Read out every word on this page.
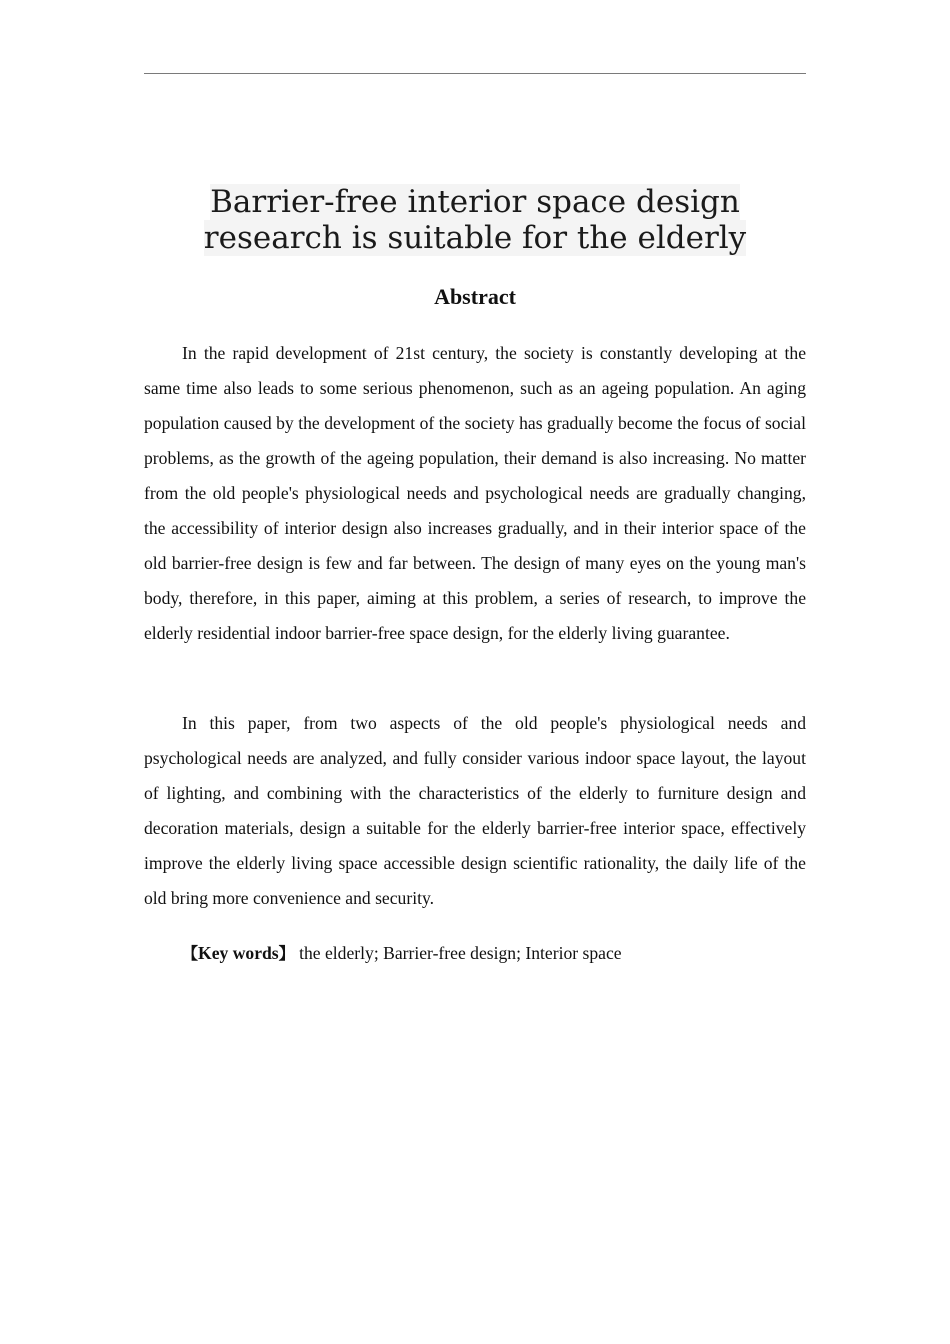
Barrier-free interior space design research is suitable for the elderly
Abstract

In the rapid development of 21st century, the society is constantly developing at the same time also leads to some serious phenomenon, such as an ageing population. An aging population caused by the development of the society has gradually become the focus of social problems, as the growth of the ageing population, their demand is also increasing. No matter from the old people's physiological needs and psychological needs are gradually changing, the accessibility of interior design also increases gradually, and in their interior space of the old barrier-free design is few and far between. The design of many eyes on the young man's body, therefore, in this paper, aiming at this problem, a series of research, to improve the elderly residential indoor barrier-free space design, for the elderly living guarantee.

In this paper, from two aspects of the old people's physiological needs and psychological needs are analyzed, and fully consider various indoor space layout, the layout of lighting, and combining with the characteristics of the elderly to furniture design and decoration materials, design a suitable for the elderly barrier-free interior space, effectively improve the elderly living space accessible design scientific rationality, the daily life of the old bring more convenience and security.

【Key words】 the elderly; Barrier-free design; Interior space
